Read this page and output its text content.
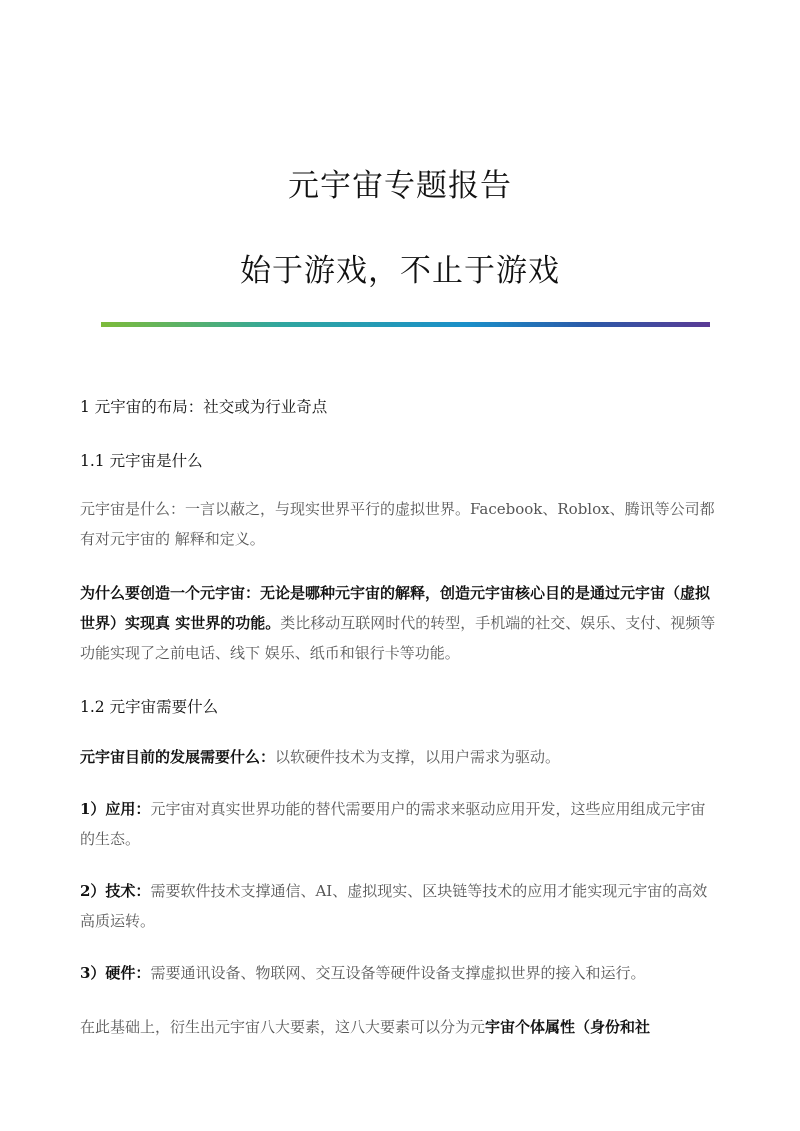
元宇宙专题报告
始于游戏，不止于游戏
1 元宇宙的布局：社交或为行业奇点
1.1 元宇宙是什么
元宇宙是什么：一言以蔽之，与现实世界平行的虚拟世界。Facebook、Roblox、腾讯等公司都有对元宇宙的 解释和定义。
为什么要创造一个元宇宙：无论是哪种元宇宙的解释，创造元宇宙核心目的是通过元宇宙（虚拟世界）实现真 实世界的功能。类比移动互联网时代的转型，手机端的社交、娱乐、支付、视频等功能实现了之前电话、线下 娱乐、纸币和银行卡等功能。
1.2 元宇宙需要什么
元宇宙目前的发展需要什么：以软硬件技术为支撑，以用户需求为驱动。
1）应用：元宇宙对真实世界功能的替代需要用户的需求来驱动应用开发，这些应用组成元宇宙的生态。
2）技术：需要软件技术支撑通信、AI、虚拟现实、区块链等技术的应用才能实现元宇宙的高效高质运转。
3）硬件：需要通讯设备、物联网、交互设备等硬件设备支撑虚拟世界的接入和运行。
在此基础上，衍生出元宇宙八大要素，这八大要素可以分为元宇宙个体属性（身份和社
